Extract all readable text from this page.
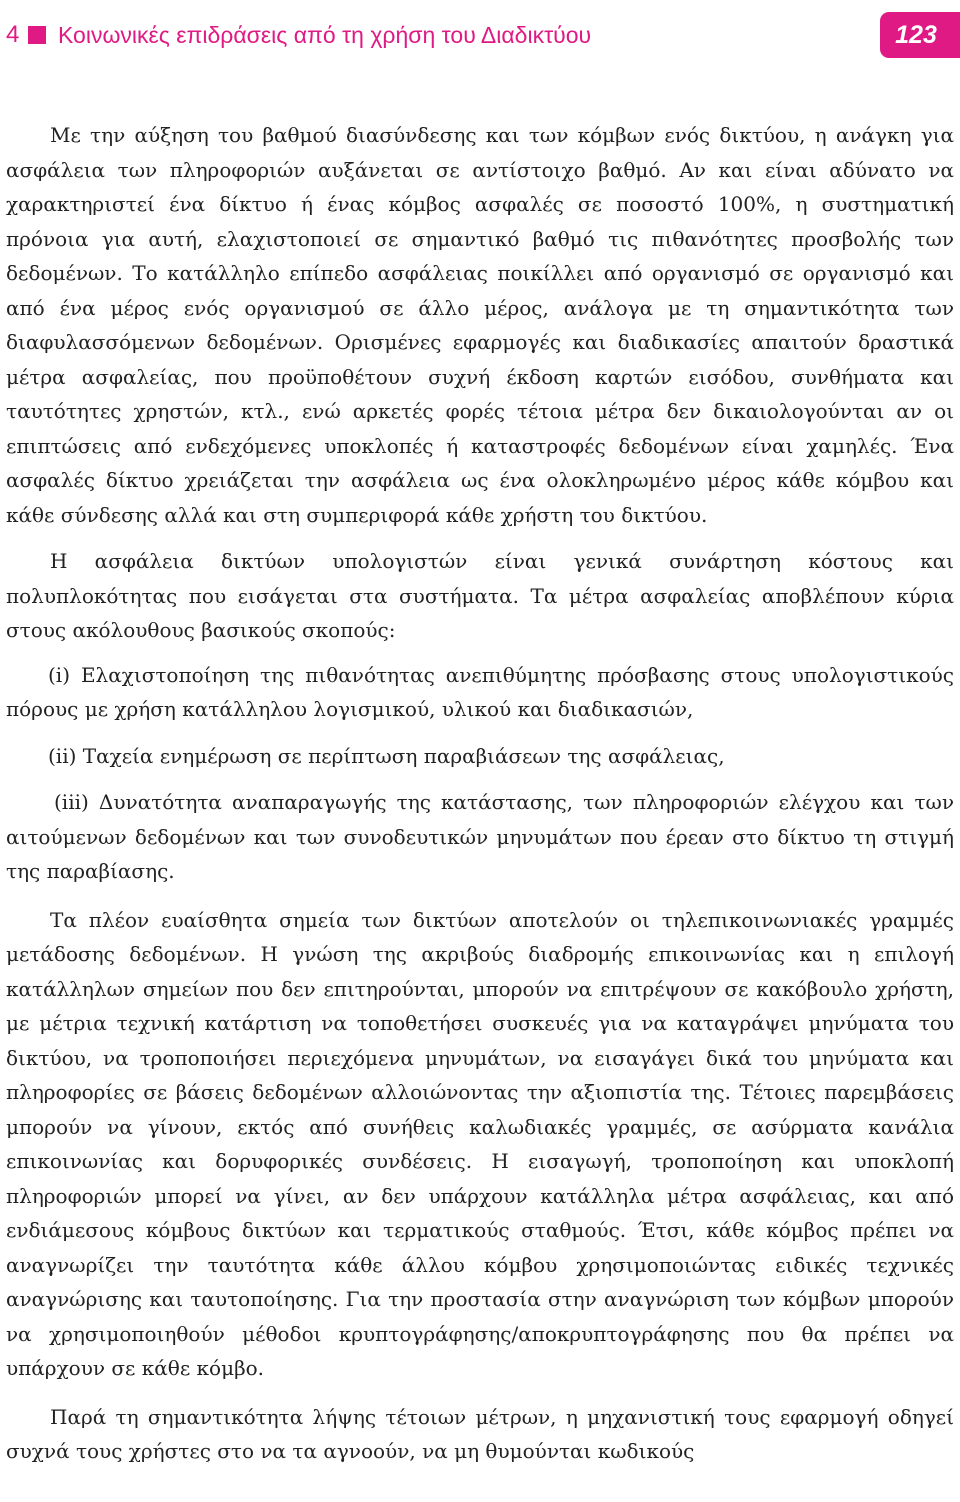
4 Κοινωνικές επιδράσεις από τη χρήση του Διαδικτύου	123

Με την αύξηση του βαθμού διασύνδεσης και των κόμβων ενός δικτύου, η ανάγκη για ασφάλεια των πληροφοριών αυξάνεται σε αντίστοιχο βαθμό. Αν και είναι αδύνατο να χαρακτηριστεί ένα δίκτυο ή ένας κόμβος ασφαλές σε ποσοστό 100%, η συστηματική πρόνοια για αυτή, ελαχιστοποιεί σε σημαντικό βαθμό τις πιθανότητες προσβολής των δεδομένων. Το κατάλληλο επίπεδο ασφάλειας ποικίλλει από οργανισμό σε οργανισμό και από ένα μέρος ενός οργανισμού σε άλλο μέρος, ανάλογα με τη σημαντικότητα των διαφυλασσόμενων δεδομένων. Ορισμένες εφαρμογές και διαδικασίες απαιτούν δραστικά μέτρα ασφαλείας, που προϋποθέτουν συχνή έκδοση καρτών εισόδου, συνθήματα και ταυτότητες χρηστών, κτλ., ενώ αρκετές φορές τέτοια μέτρα δεν δικαιολογούνται αν οι επιπτώσεις από ενδεχόμενες υποκλοπές ή καταστροφές δεδομένων είναι χαμηλές. Ένα ασφαλές δίκτυο χρειάζεται την ασφάλεια ως ένα ολοκληρωμένο μέρος κάθε κόμβου και κάθε σύνδεσης αλλά και στη συμπεριφορά κάθε χρήστη του δικτύου.

Η ασφάλεια δικτύων υπολογιστών είναι γενικά συνάρτηση κόστους και πολυπλοκότητας που εισάγεται στα συστήματα. Τα μέτρα ασφαλείας αποβλέπουν κύρια στους ακόλουθους βασικούς σκοπούς:

(i) Ελαχιστοποίηση της πιθανότητας ανεπιθύμητης πρόσβασης στους υπολογιστικούς πόρους με χρήση κατάλληλου λογισμικού, υλικού και διαδικασιών,

(ii) Ταχεία ενημέρωση σε περίπτωση παραβιάσεων της ασφάλειας,

(iii) Δυνατότητα αναπαραγωγής της κατάστασης, των πληροφοριών ελέγχου και των αιτούμενων δεδομένων και των συνοδευτικών μηνυμάτων που έρεαν στο δίκτυο τη στιγμή της παραβίασης.

Τα πλέον ευαίσθητα σημεία των δικτύων αποτελούν οι τηλεπικοινωνιακές γραμμές μετάδοσης δεδομένων. Η γνώση της ακριβούς διαδρομής επικοινωνίας και η επιλογή κατάλληλων σημείων που δεν επιτηρούνται, μπορούν να επιτρέψουν σε κακόβουλο χρήστη, με μέτρια τεχνική κατάρτιση να τοποθετήσει συσκευές για να καταγράψει μηνύματα του δικτύου, να τροποποιήσει περιεχόμενα μηνυμάτων, να εισαγάγει δικά του μηνύματα και πληροφορίες σε βάσεις δεδομένων αλλοιώνοντας την αξιοπιστία της. Τέτοιες παρεμβάσεις μπορούν να γίνουν, εκτός από συνήθεις καλωδιακές γραμμές, σε ασύρματα κανάλια επικοινωνίας και δορυφορικές συνδέσεις. Η εισαγωγή, τροποποίηση και υποκλοπή πληροφοριών μπορεί να γίνει, αν δεν υπάρχουν κατάλληλα μέτρα ασφάλειας, και από ενδιάμεσους κόμβους δικτύων και τερματικούς σταθμούς. Έτσι, κάθε κόμβος πρέπει να αναγνωρίζει την ταυτότητα κάθε άλλου κόμβου χρησιμοποιώντας ειδικές τεχνικές αναγνώρισης και ταυτοποίησης. Για την προστασία στην αναγνώριση των κόμβων μπορούν να χρησιμοποιηθούν μέθοδοι κρυπτογράφησης/αποκρυπτογράφησης που θα πρέπει να υπάρχουν σε κάθε κόμβο.

Παρά τη σημαντικότητα λήψης τέτοιων μέτρων, η μηχανιστική τους εφαρμογή οδηγεί συχνά τους χρήστες στο να τα αγνοούν, να μη θυμούνται κωδικούς
